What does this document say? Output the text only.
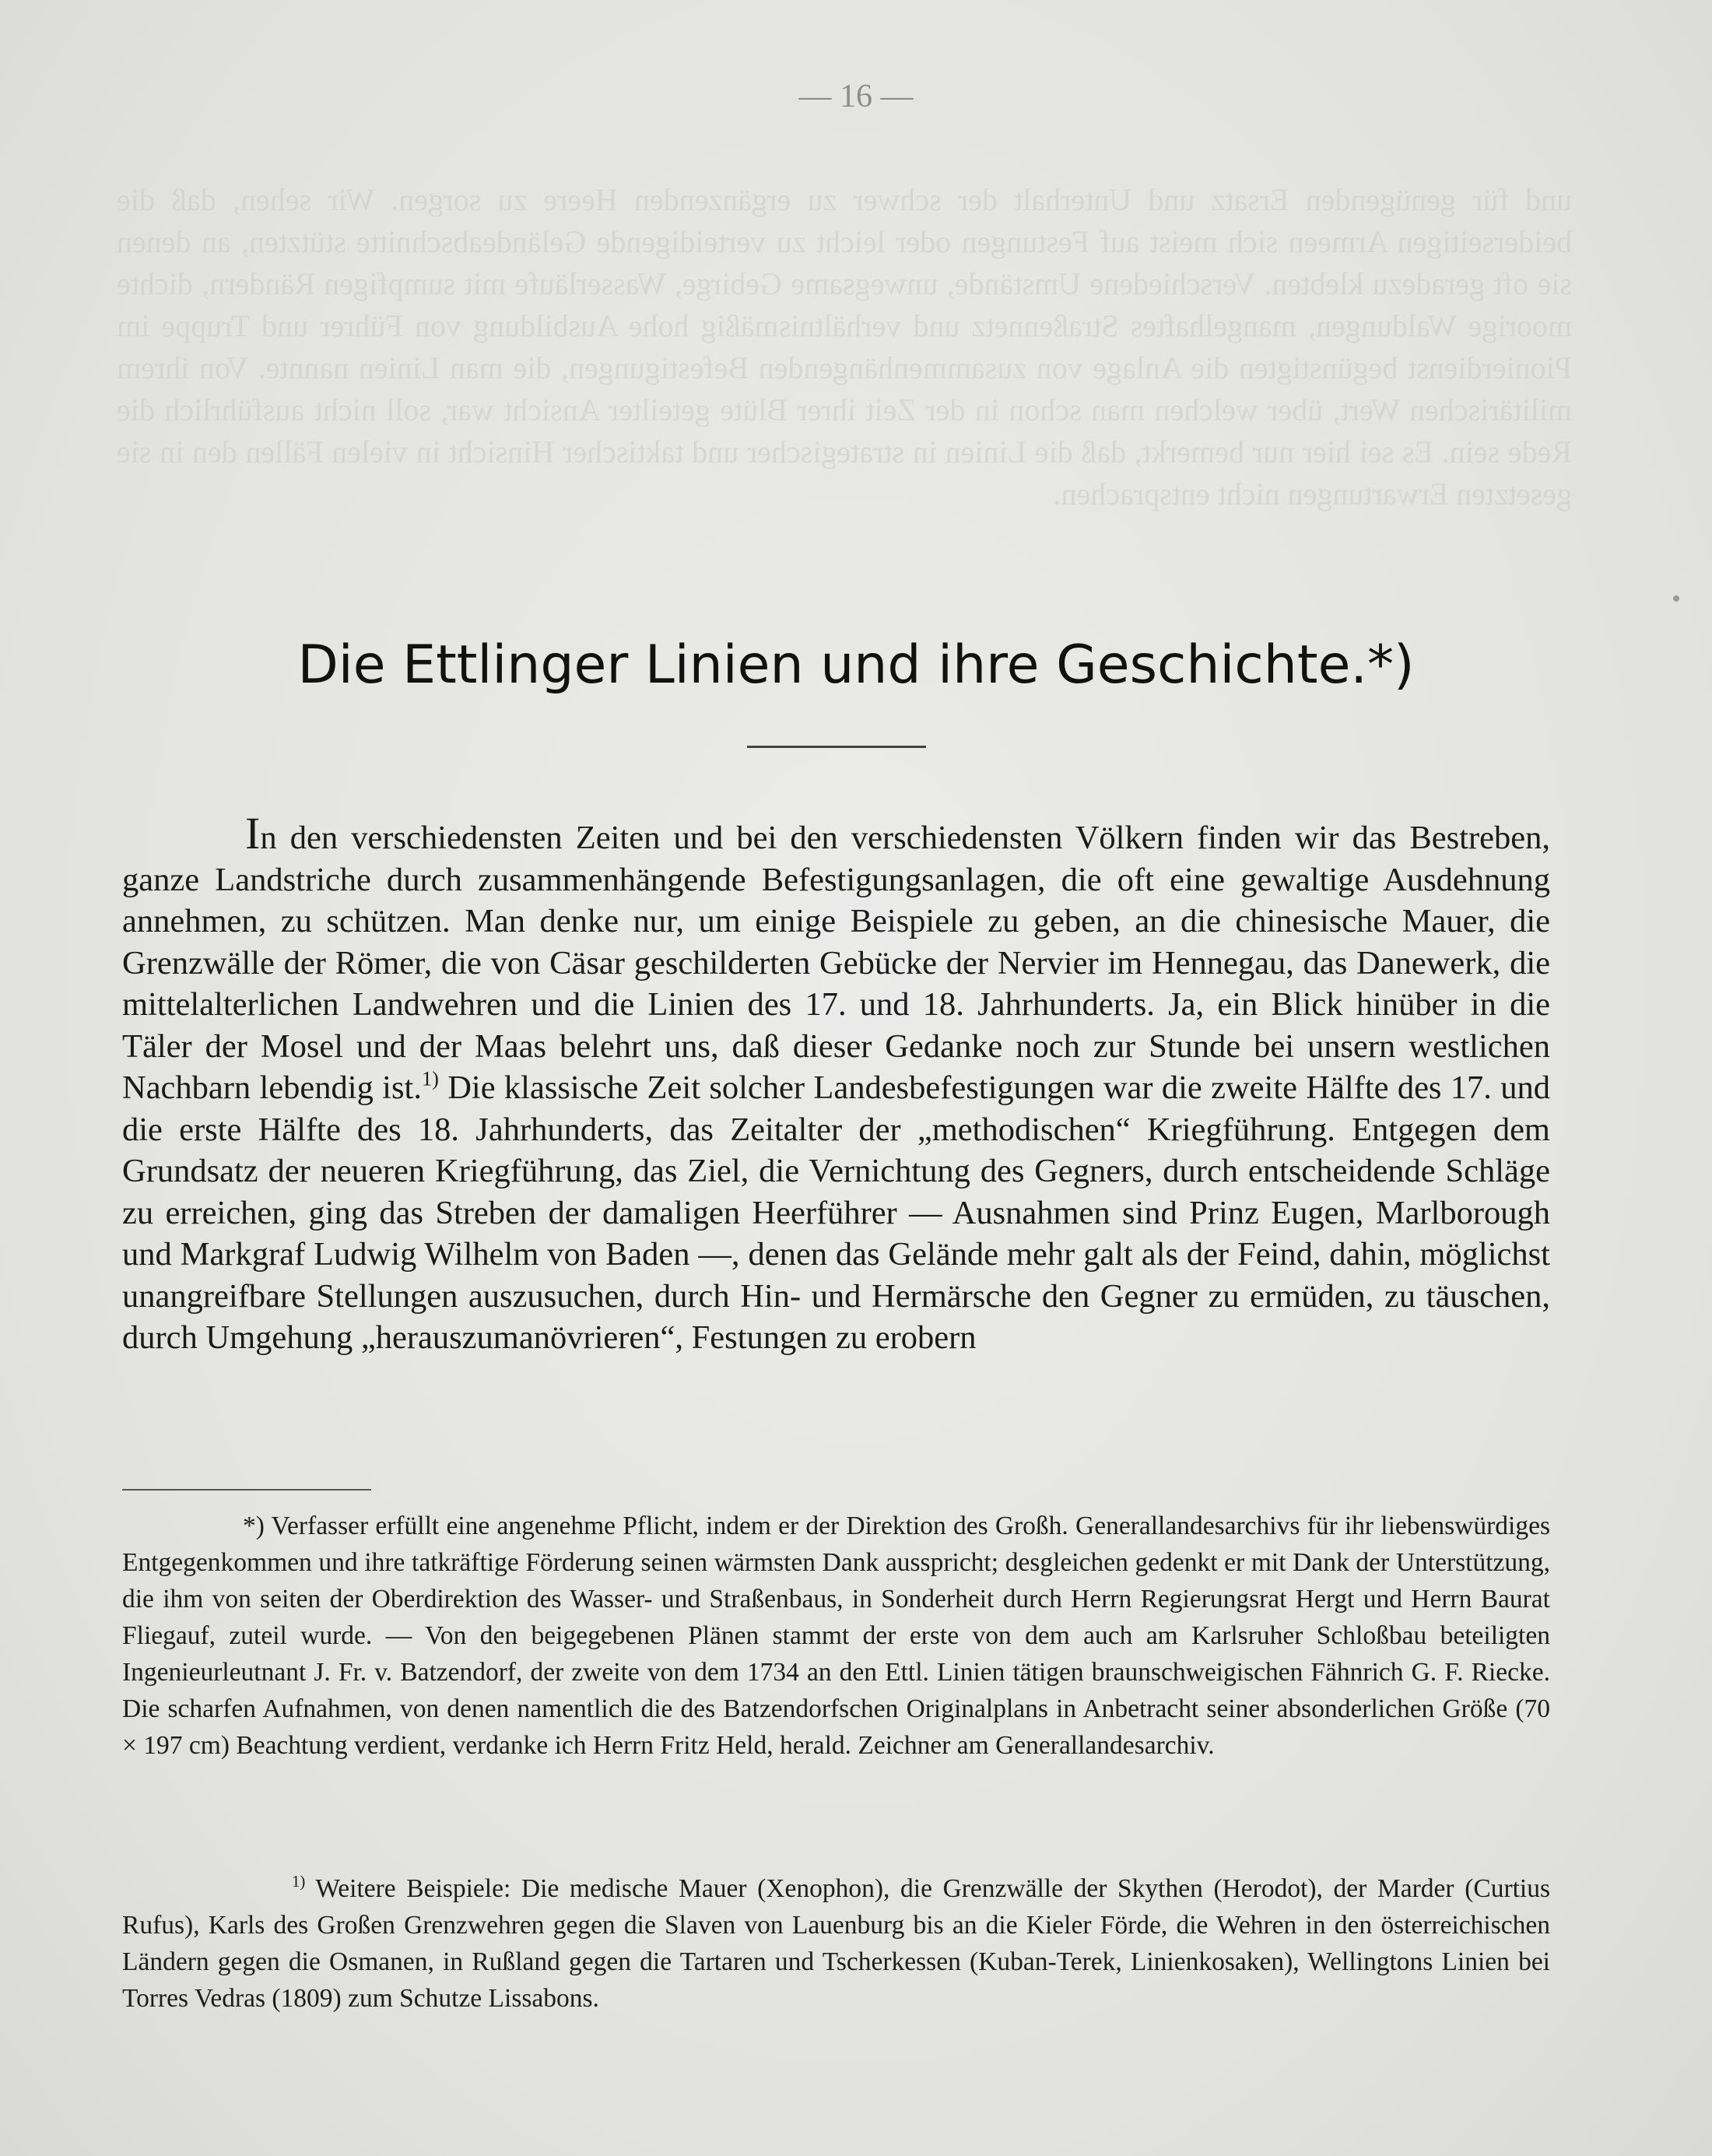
und für genügenden Ersatz und Unterhalt der schwer zu ergänzenden Heere zu sorgen. Wir sehen, daß die beiderseitigen Armeen sich meist auf Festungen oder leicht zu verteidigende Geländeabschnitte stützten, an denen sie oft geradezu klebten. Verschiedene Umstände, unwegsame Gebirge, Wasserläufe mit sumpfigen Rändern, dichte moorige Waldungen, mangelhaftes Straßennetz und verhältnismäßig hohe Ausbildung von Führer und Truppe im Pionierdienst begünstigten die Anlage von zusammenhängenden Befestigungen, die man Linien nannte. Von ihrem militärischen Wert, über welchen man schon in der Zeit ihrer Blüte geteilter Ansicht war, soll nicht ausführlich die Rede sein. Es sei hier nur bemerkt, daß die Linien in strategischer und taktischer Hinsicht in vielen Fällen den in sie gesetzten Erwartungen nicht entsprachen.
— 16 —
Die Ettlinger Linien und ihre Geschichte.*)
In den verschiedensten Zeiten und bei den verschiedensten Völkern finden wir das Bestreben, ganze Landstriche durch zusammenhängende Befestigungsanlagen, die oft eine gewaltige Ausdehnung annehmen, zu schützen. Man denke nur, um einige Beispiele zu geben, an die chinesische Mauer, die Grenzwälle der Römer, die von Cäsar geschilderten Gebücke der Nervier im Hennegau, das Danewerk, die mittelalterlichen Landwehren und die Linien des 17. und 18. Jahrhunderts. Ja, ein Blick hinüber in die Täler der Mosel und der Maas belehrt uns, daß dieser Gedanke noch zur Stunde bei unsern westlichen Nachbarn lebendig ist.$^{1)}$ Die klassische Zeit solcher Landesbefestigungen war die zweite Hälfte des 17. und die erste Hälfte des 18. Jahrhunderts, das Zeitalter der „methodischen“ Kriegführung. Entgegen dem Grundsatz der neueren Kriegführung, das Ziel, die Vernichtung des Gegners, durch entscheidende Schläge zu erreichen, ging das Streben der damaligen Heerführer — Ausnahmen sind Prinz Eugen, Marlborough und Markgraf Ludwig Wilhelm von Baden —, denen das Gelände mehr galt als der Feind, dahin, möglichst unangreifbare Stellungen auszusuchen, durch Hin- und Hermärsche den Gegner zu ermüden, zu täuschen, durch Umgehung „herauszumanövrieren“, Festungen zu erobern
*) Verfasser erfüllt eine angenehme Pflicht, indem er der Direktion des Großh. Generallandesarchivs für ihr liebenswürdiges Entgegenkommen und ihre tatkräftige Förderung seinen wärmsten Dank ausspricht; desgleichen gedenkt er mit Dank der Unterstützung, die ihm von seiten der Oberdirektion des Wasser- und Straßenbaus, in Sonderheit durch Herrn Regierungsrat Hergt und Herrn Baurat Fliegauf, zuteil wurde. — Von den beigegebenen Plänen stammt der erste von dem auch am Karlsruher Schloßbau beteiligten Ingenieurleutnant J. Fr. v. Batzendorf, der zweite von dem 1734 an den Ettl. Linien tätigen braunschweigischen Fähnrich G. F. Riecke. Die scharfen Aufnahmen, von denen namentlich die des Batzendorfschen Originalplans in Anbetracht seiner absonderlichen Größe (70 × 197 cm) Beachtung verdient, verdanke ich Herrn Fritz Held, herald. Zeichner am Generallandesarchiv.
$^{1)}$ Weitere Beispiele: Die medische Mauer (Xenophon), die Grenzwälle der Skythen (Herodot), der Marder (Curtius Rufus), Karls des Großen Grenzwehren gegen die Slaven von Lauenburg bis an die Kieler Förde, die Wehren in den österreichischen Ländern gegen die Osmanen, in Rußland gegen die Tartaren und Tscherkessen (Kuban-Terek, Linienkosaken), Wellingtons Linien bei Torres Vedras (1809) zum Schutze Lissabons.
